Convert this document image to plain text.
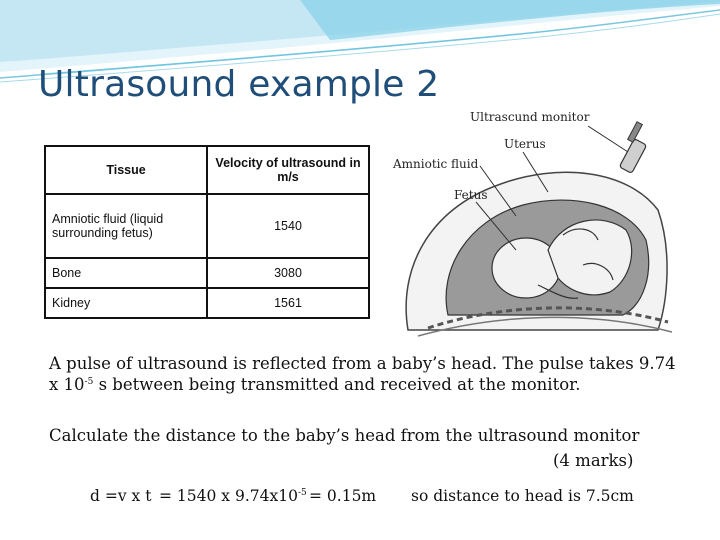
Ultrasound example 2
Tissue	Velocity of ultrasound in m/s
Amniotic fluid (liquid surrounding fetus)	1540
Bone	3080
Kidney	1561
Ultrascund monitor
Uterus
Amniotic fluid
Fetus

A pulse of ultrasound is reflected from a baby’s head. The pulse takes 9.74 x $10^{-5}$ s between being transmitted and received at the monitor.

Calculate the distance to the baby’s head from the ultrasound monitor

(4 marks)
d =v x t = 1540 x $9.74x10^{-5} = 0.15m$ so distance to head is 7.5cm
